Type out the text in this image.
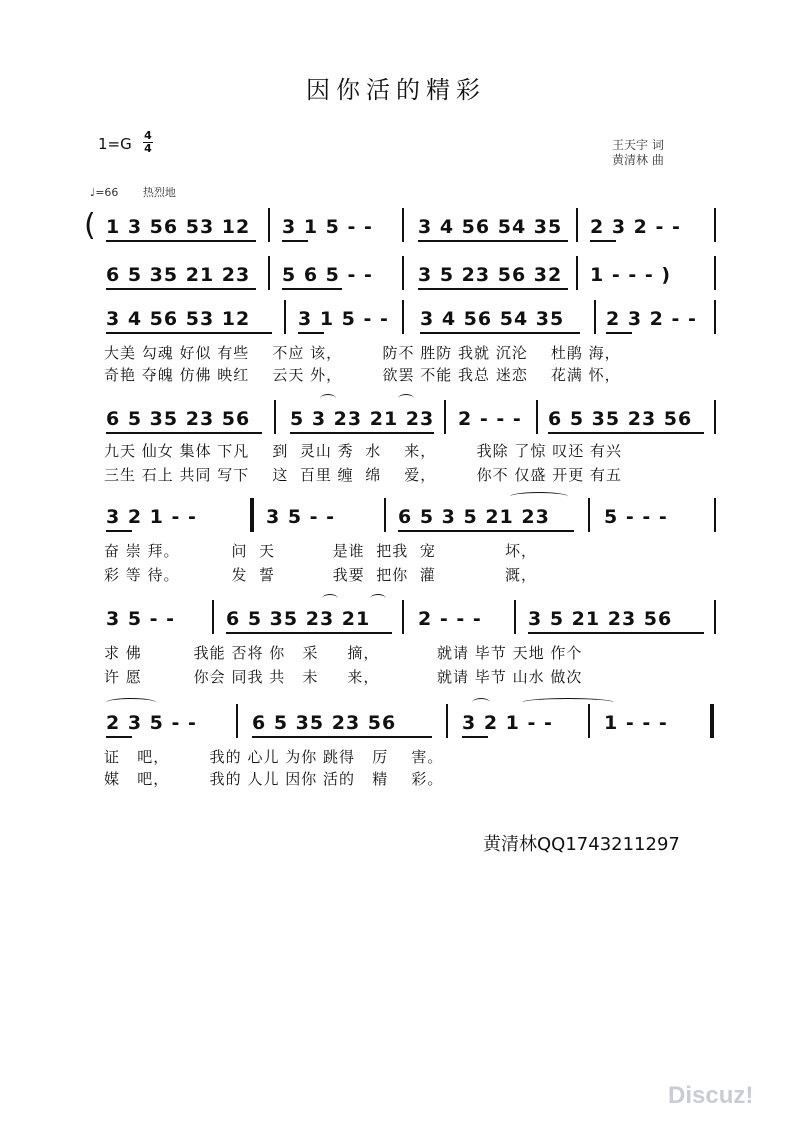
因你活的精彩
1=G	4
4	王天宇 词
黄清林 曲
♩=66 热烈地
( 1 3 56 53 12 3 1 5 - - 3 4 56 54 35 2 3 2 - -
6 5 35 21 23 5 6 5 - - 3 5 23 56 32 1 - - - )
3 4 56 53 12	3 1 5 - - 3 4 56 54 35 2 3 2 - -
大美 勾魂 好似 有些    不应 该，       防不 胜防 我就 沉沦    杜鹃 海，
奇艳 夺魄 仿佛 映红    云天 外，       欲罢 不能 我总 迷恋    花满 怀，
6 5 35 23 56 5 3 23 21 23 2 - - - 6 5 35 23 56
九天 仙女 集体 下凡    到  灵山 秀  水    来，       我除 了惊 叹还 有兴
三生 石上 共同 写下    这  百里 缠  绵    爱，       你不 仅盛 开更 有五
3 2 1 - -	3 5 - -	6 5 3 5 21 23	5 - - -
奋 崇 拜。         问  天          是谁  把我  宠            坏，
彩 等 待。         发  誓          我要  把你  灌            溉，
3 5 - -	6 5 35 23 21	2 - - - 3 5 21 23 56
求 佛         我能 否将 你   采     摘，          就请 毕节 天地 作个
许 愿         你会 同我 共   未     来，          就请 毕节 山水 做次
2 3 5 - -	6 5 35 23 56	3 2 1 - -	1 - - -
证   吧，       我的 心儿 为你 跳得   厉    害。
媒   吧，       我的 人儿 因你 活的   精    彩。
黄清林QQ1743211297
Discuz!
